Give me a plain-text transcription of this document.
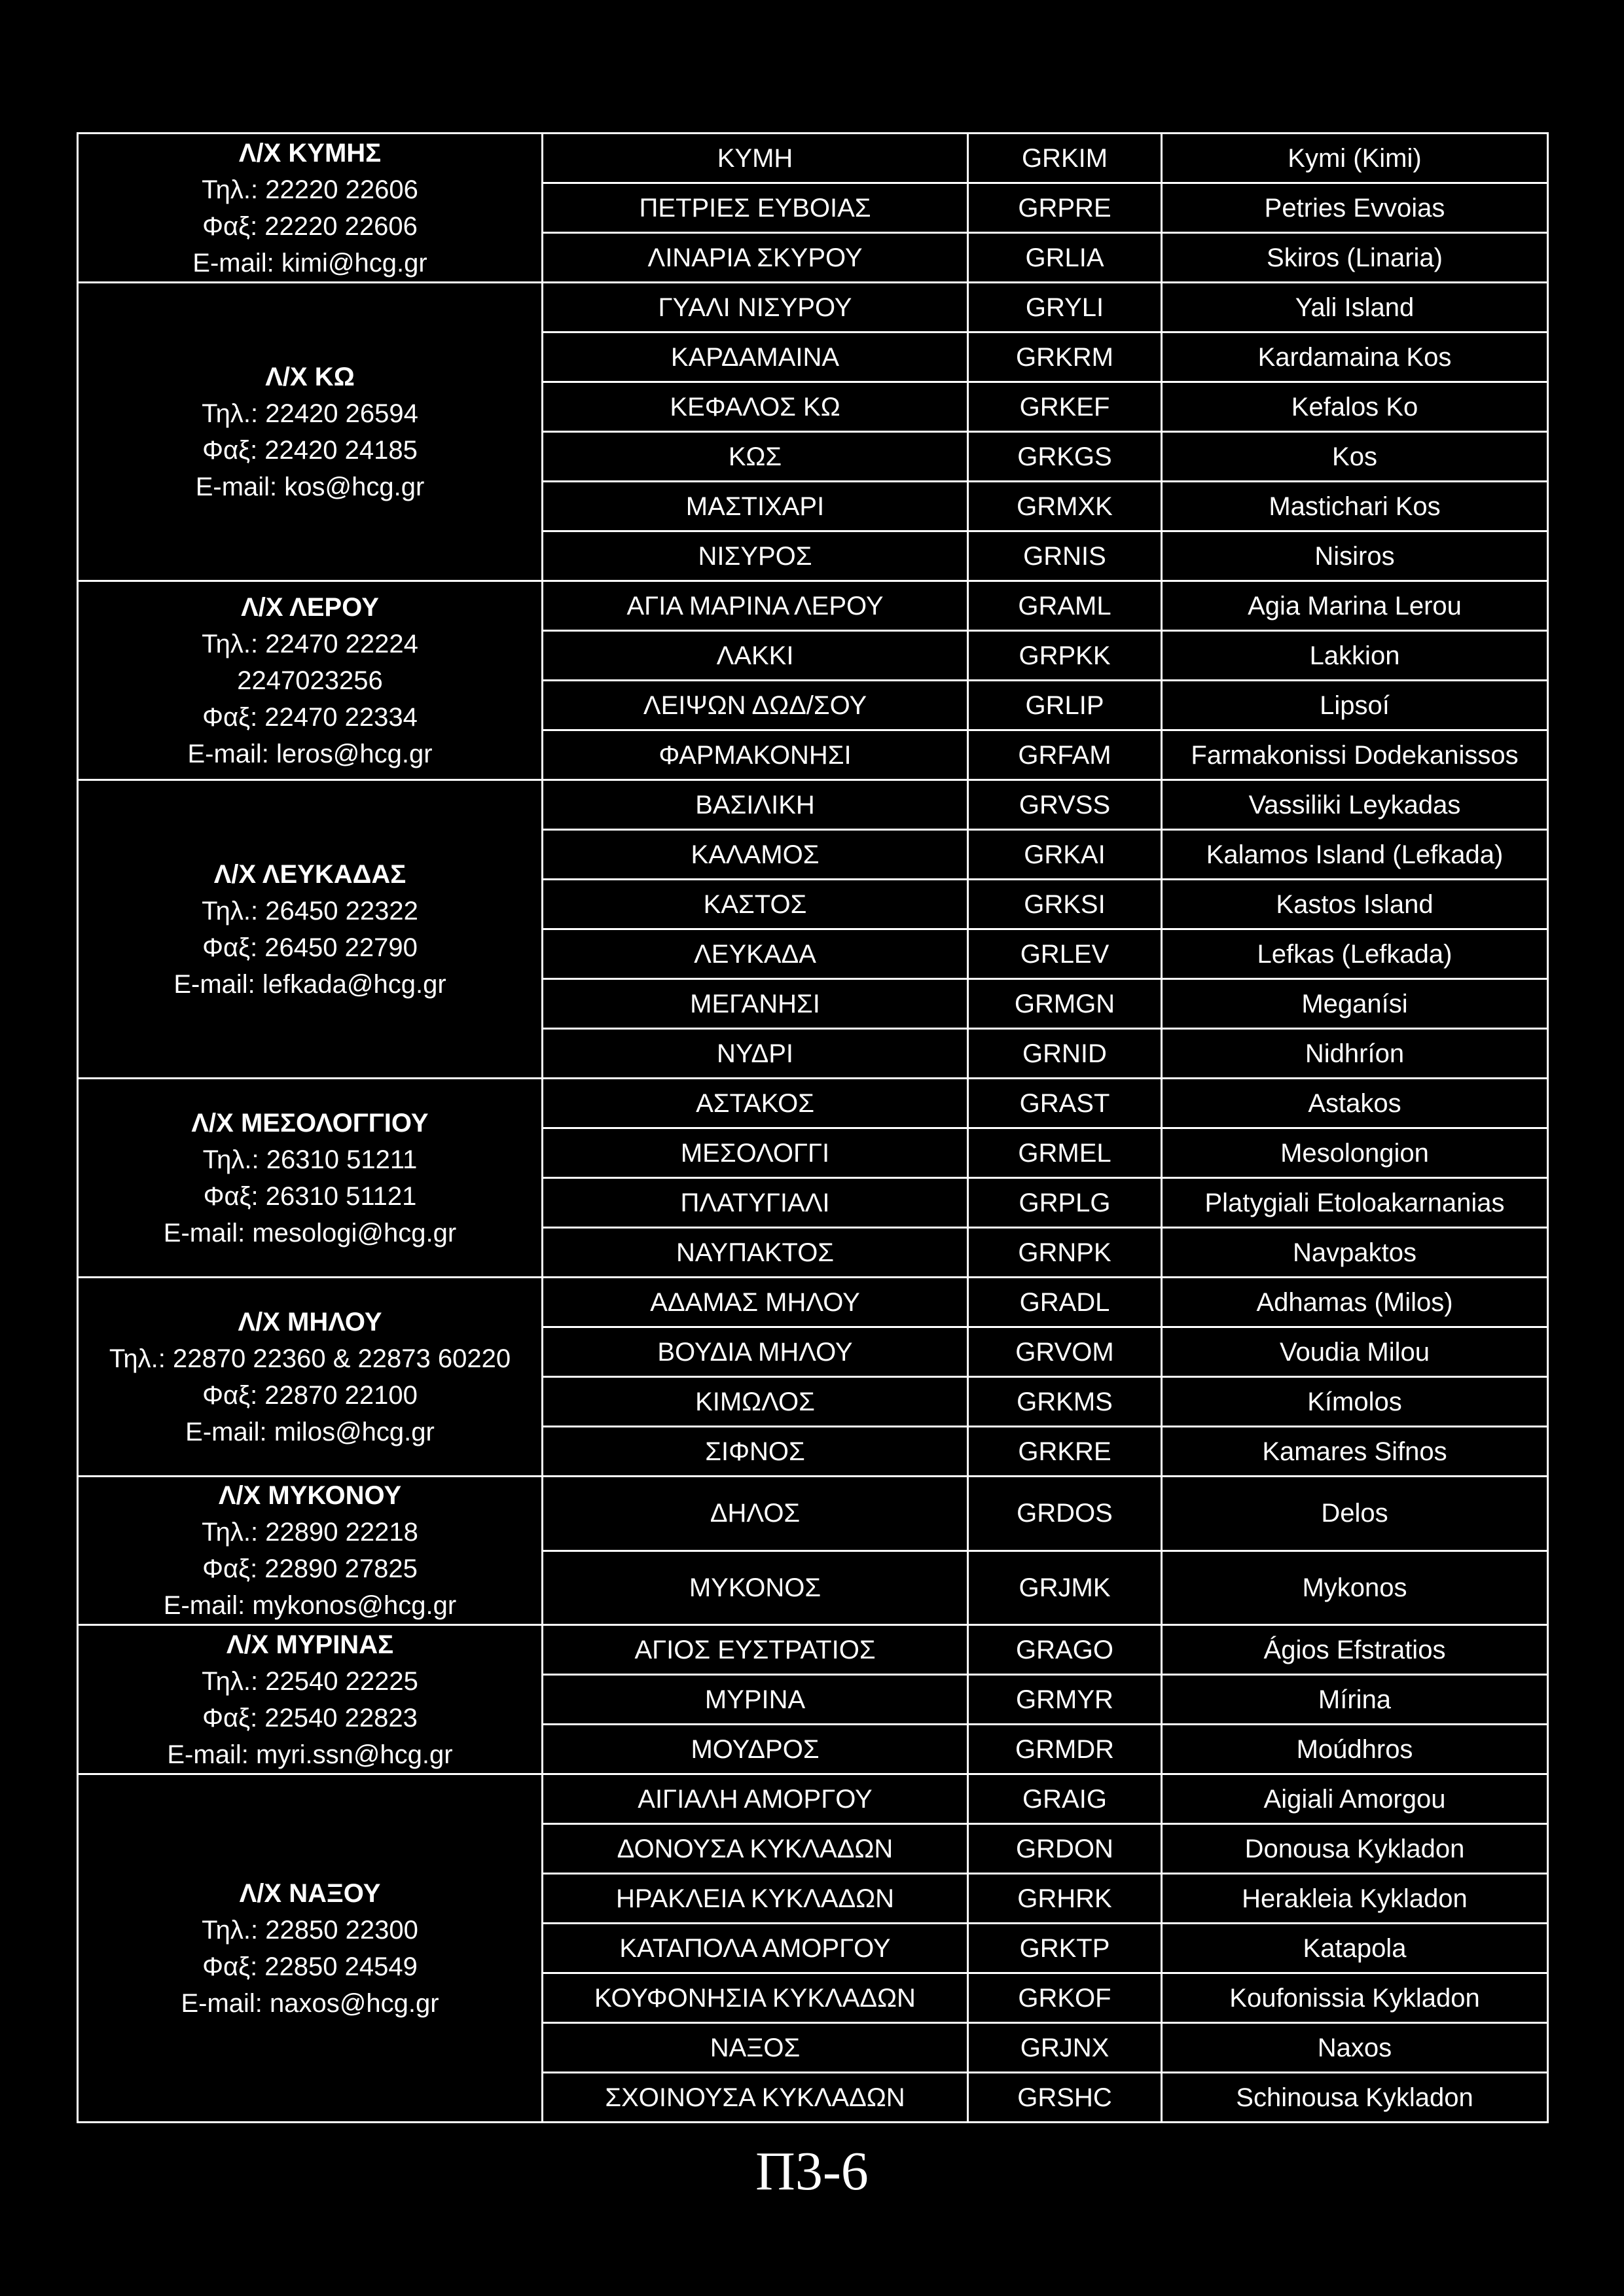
Λ/Χ ΚΥΜΗΣ
Τηλ.: 22220 22606
Φαξ: 22220 22606
E-mail: kimi@hcg.gr	ΚΥΜΗ	GRKIM	Kymi (Kimi)
	ΠΕΤΡΙΕΣ ΕΥΒΟΙΑΣ	GRPRE	Petries Evvoias
	ΛΙΝΑΡΙΑ ΣΚΥΡΟΥ	GRLIA	Skiros (Linaria)

Λ/Χ ΚΩ
Τηλ.: 22420 26594
Φαξ: 22420 24185
E-mail: kos@hcg.gr	ΓΥΑΛΙ ΝΙΣΥΡΟΥ	GRYLI	Yali Island
	ΚΑΡΔΑΜΑΙΝΑ	GRKRM	Kardamaina Kos
	ΚΕΦΑΛΟΣ ΚΩ	GRKEF	Kefalos Ko
	ΚΩΣ	GRKGS	Kos
	ΜΑΣΤΙΧΑΡΙ	GRMXK	Mastichari Kos
	ΝΙΣΥΡΟΣ	GRNIS	Nisiros

Λ/Χ ΛΕΡΟΥ
Τηλ.: 22470 22224
2247023256
Φαξ: 22470 22334
E-mail: leros@hcg.gr	ΑΓΙΑ ΜΑΡΙΝΑ ΛΕΡΟΥ	GRAML	Agia Marina Lerou
	ΛΑΚΚΙ	GRPKK	Lakkion
	ΛΕΙΨΩΝ ΔΩΔ/ΣΟΥ	GRLIP	Lipsoí
	ΦΑΡΜΑΚΟΝΗΣΙ	GRFAM	Farmakonissi Dodekanissos

Λ/Χ ΛΕΥΚΑΔΑΣ
Τηλ.: 26450 22322
Φαξ: 26450 22790
E-mail: lefkada@hcg.gr	ΒΑΣΙΛΙΚΗ	GRVSS	Vassiliki Leykadas
	ΚΑΛΑΜΟΣ	GRKAI	Kalamos Island (Lefkada)
	ΚΑΣΤΟΣ	GRKSI	Kastos Island
	ΛΕΥΚΑΔΑ	GRLEV	Lefkas (Lefkada)
	ΜΕΓΑΝΗΣΙ	GRMGN	Meganísi
	ΝΥΔΡΙ	GRNID	Nidhríon

Λ/Χ ΜΕΣΟΛΟΓΓΙΟΥ
Τηλ.: 26310 51211
Φαξ: 26310 51121
E-mail: mesologi@hcg.gr	ΑΣΤΑΚΟΣ	GRAST	Astakos
	ΜΕΣΟΛΟΓΓΙ	GRMEL	Mesolongion
	ΠΛΑΤΥΓΙΑΛΙ	GRPLG	Platygiali Etoloakarnanias
	ΝΑΥΠΑΚΤΟΣ	GRNPK	Navpaktos

Λ/Χ ΜΗΛΟΥ
Τηλ.: 22870 22360 & 22873 60220
Φαξ: 22870 22100
E-mail: milos@hcg.gr	ΑΔΑΜΑΣ ΜΗΛΟΥ	GRADL	Adhamas (Milos)
	ΒΟΥΔΙΑ ΜΗΛΟΥ	GRVOM	Voudia Milou
	ΚΙΜΩΛΟΣ	GRKMS	Kímolos
	ΣΙΦΝΟΣ	GRKRE	Kamares Sifnos

Λ/Χ ΜΥΚΟΝΟΥ
Τηλ.: 22890 22218
Φαξ: 22890 27825
E-mail: mykonos@hcg.gr	ΔΗΛΟΣ	GRDOS	Delos
	ΜΥΚΟΝΟΣ	GRJMK	Mykonos

Λ/Χ ΜΥΡΙΝΑΣ
Τηλ.: 22540 22225
Φαξ: 22540 22823
E-mail: myri.ssn@hcg.gr	ΑΓΙΟΣ ΕΥΣΤΡΑΤΙΟΣ	GRAGO	Ágios Efstratios
	ΜΥΡΙΝΑ	GRMYR	Mírina
	ΜΟΥΔΡΟΣ	GRMDR	Moúdhros

Λ/Χ ΝΑΞΟΥ
Τηλ.: 22850 22300
Φαξ: 22850 24549
E-mail: naxos@hcg.gr	ΑΙΓΙΑΛΗ ΑΜΟΡΓΟΥ	GRAIG	Aigiali Amorgou
	ΔΟΝΟΥΣΑ ΚΥΚΛΑΔΩΝ	GRDON	Donousa Kykladon
	ΗΡΑΚΛΕΙΑ ΚΥΚΛΑΔΩΝ	GRHRK	Herakleia Kykladon
	ΚΑΤΑΠΟΛΑ ΑΜΟΡΓΟΥ	GRKTP	Katapola
	ΚΟΥΦΟΝΗΣΙΑ ΚΥΚΛΑΔΩΝ	GRKOF	Koufonissia Kykladon
	ΝΑΞΟΣ	GRJNX	Naxos
	ΣΧΟΙΝΟΥΣΑ ΚΥΚΛΑΔΩΝ	GRSHC	Schinousa Kykladon
Π3-6
